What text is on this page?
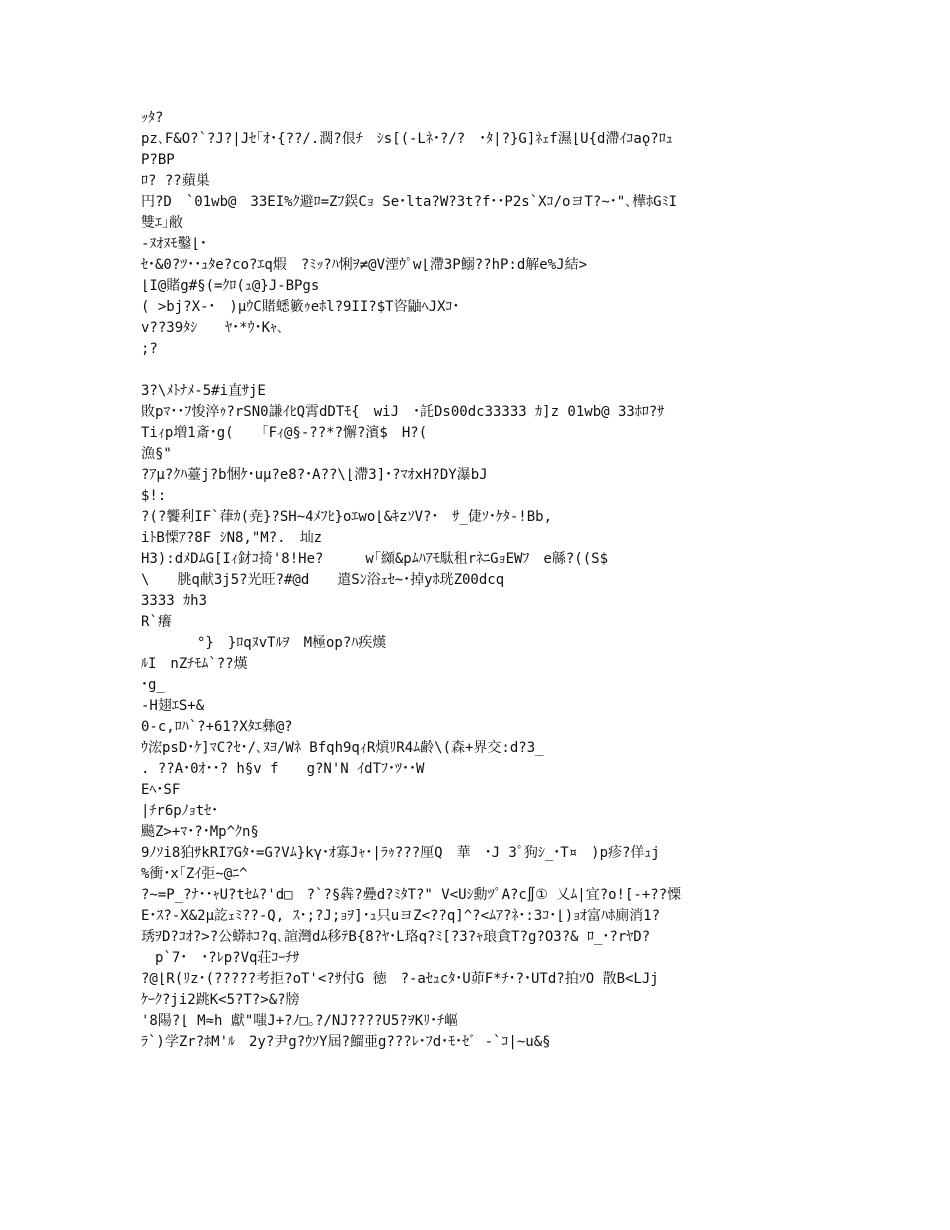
ｯﾀ?
pz､F&O?`?J?|Jｾ｢ｵ･{??/.濶?佷ﾁ　ｼs[(-Lﾈ･?/?　･ﾀ|?}G]ﾈｪf濕⌊U{d滯ｲｺaǫ?ﾛｭ
P?BP
ﾛ? ??蘋巣
円?D　`01wb@　33EI%ｸ避ﾛ=Zﾌ鋘Cｮ Se･lta?W?3t?f･･P2s`Xｺ/oヨT?~･"､樺ﾎGﾐI
雙ｴ｣敝
-ﾇｵﾇﾓ鑿⌊･
ｾ･&0?ﾂ･･ｭﾀe?co?ｴq煆　?ﾐｯ?ﾊ悧ｦ≠@V湮ｳﾟw⌊滯3P鰯??hP:d解e%J結>
⌊I@賭g#§(=ｸﾛ(ｭ@}J-BPgs
( >bj?X-･　)μｳC賭蟋籔ｩeﾎl?9II?$T咨鼬ﾍJXｺ･
v??39ﾀｼ　　ﾔ･*ｳ･Kｬ､
;?
3?\ﾒﾄﾅﾒ-5#i直ｻjE
敗pﾏ･･ﾌ悛淬ｩ?rSN0謙ｲﾋQ霄dDTﾓ{　wiJ　･託Ds00dc33333 ｶ]z 01wb@ 33ﾎﾛ?ｻ
Tiｨp増1斎･g(　　｢Fｨ@§-??*?懈?濱$　H?(
漁§"
?ｱμ?ｸﾊ薹j?b悃ｹ･uμ?e8?･A??\⌊滯3]･?ﾏｵxH?DY瀑bJ
$!:
?(?饗利IF`葎ｶ(尭}?SH~4ﾒﾌﾋ}oｴwo⌊&ｷzｿV?･　ｻ_倢ｿ･ｹﾀ-!Bb,
iﾄB慄ｱ?8F ｼN8,"M?.　圸z
H3):dﾒDﾑG[Iｨ釮ｺ掎'8!He?　　　w｢纐&pﾑﾊｱﾓ駄租rﾈﾆGｮEWﾌ　e緜?((S$
\　　朓q献3j5?光旺?#@d　　遣Sﾝ浴ｪｾ~･掉yﾎ珖Z00dcq
3333 ｶh3
R`癢
　　　　°}　}ﾛqﾇvTﾙｦ　M極op?ﾊ疾熯
ﾙI　nZﾁﾓﾑ`??熯
･g_
-H翅ｴS+&
0-c,ﾛﾊ`?+61?Xﾀｴ彝@?
ｳ浤psD･ｹ]ﾏC?ｾ･/､ﾇﾖ/Wﾈ Bfqh9qｨR熕ﾘR4ﾑ齢\(森+界交:d?3_
. ??A･0ｵ･･? h§v f　　g?N'N ｲdTﾌ･ﾂ･･W
Eﾍ･SF
|ﾁr6pﾉｮtｾ･
飈Z>+ﾏ･?･Mp^ｸn§
9ﾉｿi8狛ｻkRIｱGﾀ･=G?Vﾑ}kγ･ｵ寡Jｬ･|ﾗｩ???厘Q　華　･J 3ﾟ狗ｼ_･T¤　)p疹?佯ｭj
%衝･x｢Zｲ弡~@ﾆ^
?~=P_?ﾅ･･ｬU?tｾﾑ?'d□　?`?§犇?疉d?ﾐﾀT?" V<Uｼ勳ﾂﾟA?c∬① 乂ﾑ|宜?o![-+??慄
E･ｽ?-X&2μ訖ｪﾐ??-Q, ｽ･;?J;ｮｦ]･ｭ只uヨZ<??q]^?<ﾑｱ?ﾈ･:3ｺ･⌊)ｮｵ富ﾊﾎ廁消1?
琇ｦD?ｺｵ?>?公蟒ﾎｺ?q､諠灣dﾑ移ﾃB{8?ﾔ･L珞q?ﾐ[?3?ｬ琅貪T?g?O3?& ﾛ_･?rﾔD?
　p`7･　･?ﾚp?Vq荘ｺｰﾁｻ
?@⌊R(ﾘz･(?????考拒?oT'<?ｻ付G 徳　?-aｾｭcﾀ･U茆F*ﾁ･?･UTd?拍ｿO 散B<LJj
ｹｰｸ?ji2跳K<5?T?>&?牓
'8陽?⌊ M≈h 獻"嗤J+?ﾉ□｡?/NJ????U5?ｦKﾘ･ﾁ嶇
ﾗ`)学Zr?ﾎM'ﾙ　2y?尹g?ｳｿY屆?鰡亜g???ﾚ･ﾌd･ﾓ･ｾﾞ -`ｺ|~u&§
